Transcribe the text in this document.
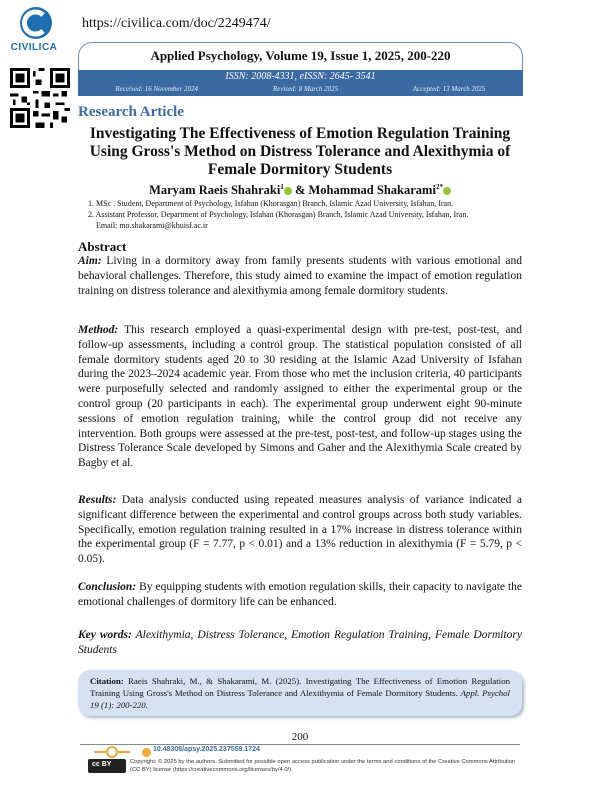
CIVILICA
https://civilica.com/doc/2249474/
Applied Psychology, Volume 19, Issue 1, 2025, 200-220
ISSN: 2008-4331, eISSN: 2645- 3541
Received: 16 November 2024	Revised: 8 March 2025	Accepted: 13 March 2025
Research Article
Investigating The Effectiveness of Emotion Regulation Training Using Gross's Method on Distress Tolerance and Alexithymia of Female Dormitory Students
Maryam Raeis Shahraki$^1$ & Mohammad Shakarami$^{2*}$
1. MSc . Student, Department of Psychology, Isfahan (Khorasgan) Branch, Islamic Azad University, Isfahan, Iran.
2. Assistant Professor, Department of Psychology, Isfahan (Khorasgan) Branch, Islamic Azad University, Isfahan, Iran.
Email: mo.shakarami@khuisf.ac.ir
Abstract
Aim: Living in a dormitory away from family presents students with various emotional and behavioral challenges. Therefore, this study aimed to examine the impact of emotion regulation training on distress tolerance and alexithymia among female dormitory students.
Method: This research employed a quasi-experimental design with pre-test, post-test, and follow-up assessments, including a control group. The statistical population consisted of all female dormitory students aged 20 to 30 residing at the Islamic Azad University of Isfahan during the 2023–2024 academic year. From those who met the inclusion criteria, 40 participants were purposefully selected and randomly assigned to either the experimental group or the control group (20 participants in each). The experimental group underwent eight 90-minute sessions of emotion regulation training, while the control group did not receive any intervention. Both groups were assessed at the pre-test, post-test, and follow-up stages using the Distress Tolerance Scale developed by Simons and Gaher and the Alexithymia Scale created by Bagby et al.
Results: Data analysis conducted using repeated measures analysis of variance indicated a significant difference between the experimental and control groups across both study variables. Specifically, emotion regulation training resulted in a 17% increase in distress tolerance within the experimental group (F = 7.77, p < 0.01) and a 13% reduction in alexithymia (F = 5.79, p < 0.05).
Conclusion: By equipping students with emotion regulation skills, their capacity to navigate the emotional challenges of dormitory life can be enhanced.
Key words: Alexithymia, Distress Tolerance, Emotion Regulation Training, Female Dormitory Students
Citation: Raeis Shahraki, M., & Shakarami, M. (2025). Investigating The Effectiveness of Emotion Regulation Training Using Gross's Method on Distress Tolerance and Alexithymia of Female Dormitory Students. Appl. Psychol 19 (1): 200-220.
200
10.48308/apsy.2025.237559.1724
cc BY	Copyright: © 2025 by the authors. Submitted for possible open access publication under the terms and conditions of the Creative Commons Attribution (CC BY) license (https://creativecommons.org/licenses/by/4.0/).
